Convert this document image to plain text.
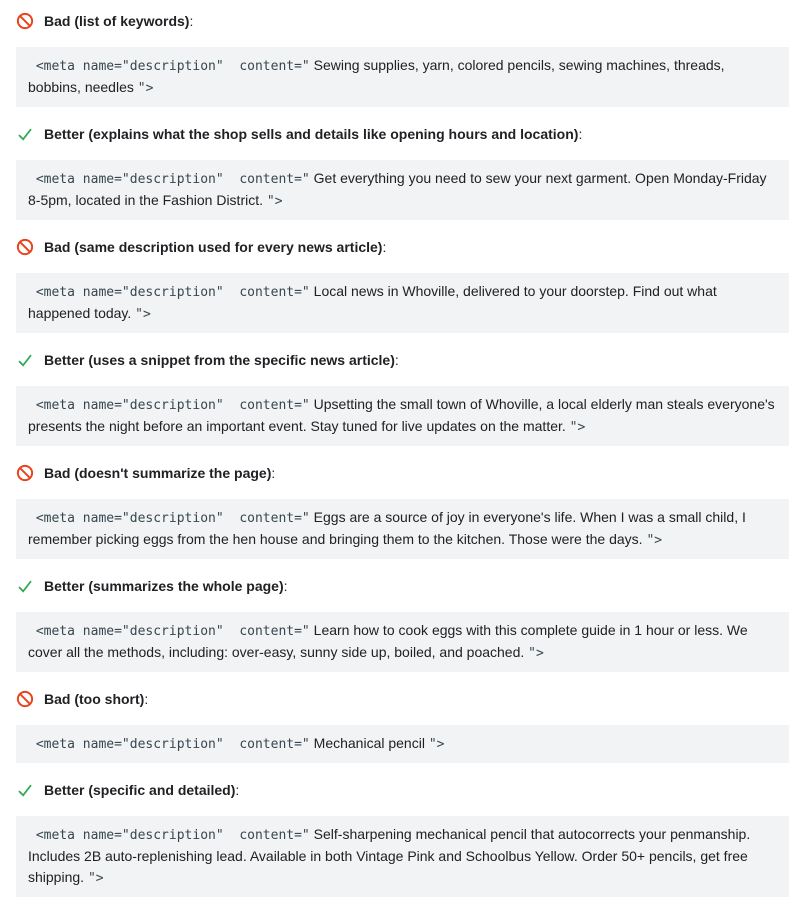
Bad (list of keywords):
<meta name="description"  content=" Sewing supplies, yarn, colored pencils, sewing machines, threads, bobbins, needles ">
Better (explains what the shop sells and details like opening hours and location):
<meta name="description"  content=" Get everything you need to sew your next garment. Open Monday-Friday 8-5pm, located in the Fashion District. ">
Bad (same description used for every news article):
<meta name="description"  content=" Local news in Whoville, delivered to your doorstep. Find out what happened today. ">
Better (uses a snippet from the specific news article):
<meta name="description"  content=" Upsetting the small town of Whoville, a local elderly man steals everyone's presents the night before an important event. Stay tuned for live updates on the matter. ">
Bad (doesn't summarize the page):
<meta name="description"  content=" Eggs are a source of joy in everyone's life. When I was a small child, I remember picking eggs from the hen house and bringing them to the kitchen. Those were the days. ">
Better (summarizes the whole page):
<meta name="description"  content=" Learn how to cook eggs with this complete guide in 1 hour or less. We cover all the methods, including: over-easy, sunny side up, boiled, and poached. ">
Bad (too short):
<meta name="description"  content=" Mechanical pencil ">
Better (specific and detailed):
<meta name="description"  content=" Self-sharpening mechanical pencil that autocorrects your penmanship. Includes 2B auto-replenishing lead. Available in both Vintage Pink and Schoolbus Yellow. Order 50+ pencils, get free shipping. ">
